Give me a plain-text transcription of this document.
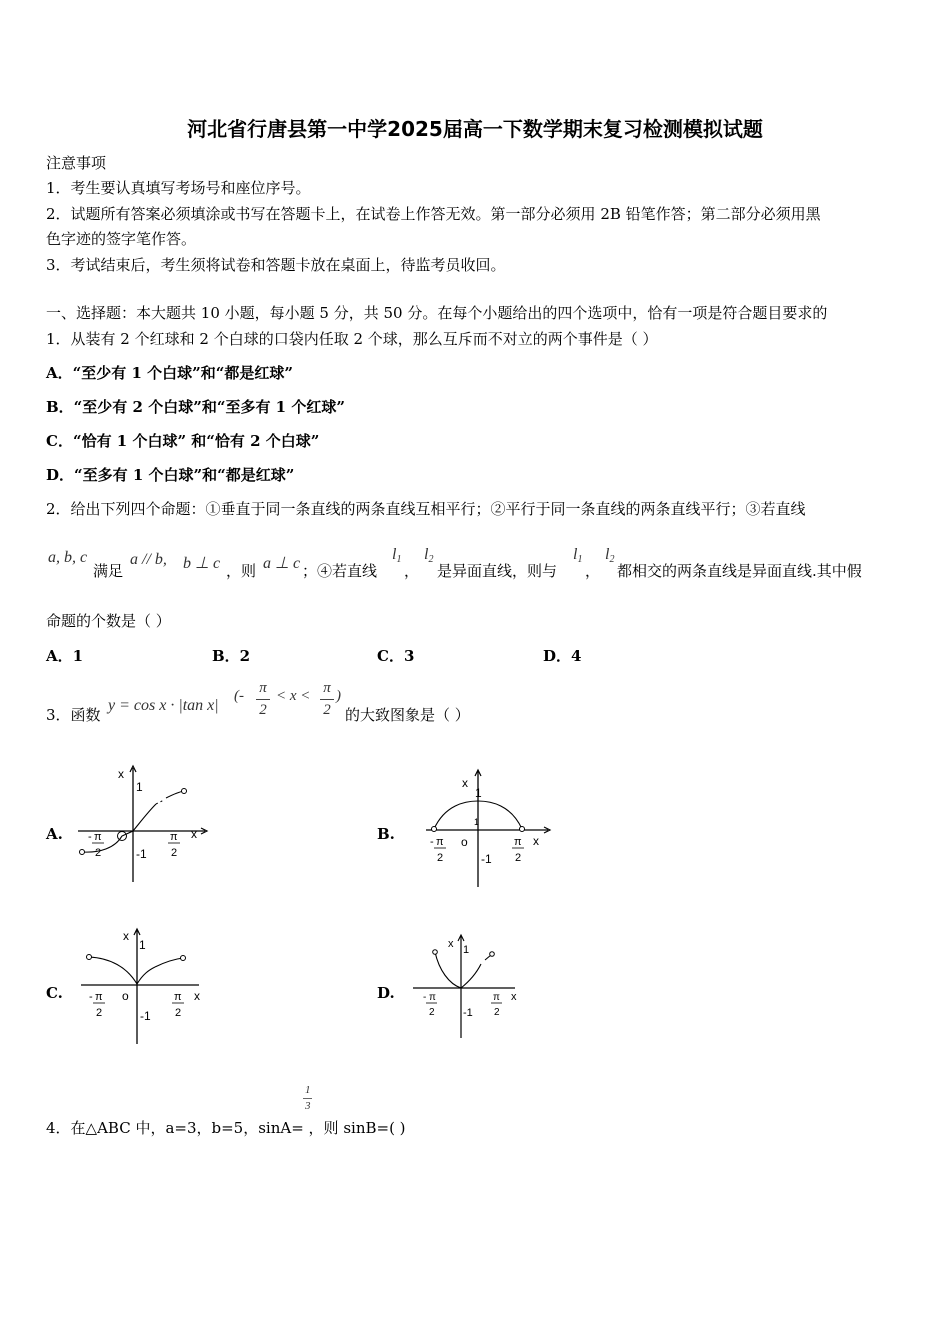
河北省行唐县第一中学2025届高一下数学期末复习检测模拟试题
注意事项
1．考生要认真填写考场号和座位序号。
2．试题所有答案必须填涂或书写在答题卡上，在试卷上作答无效。第一部分必须用 2B 铅笔作答；第二部分必须用黑
色字迹的签字笔作答。
3．考试结束后，考生须将试卷和答题卡放在桌面上，待监考员收回。
一、选择题：本大题共 10 小题，每小题 5 分，共 50 分。在每个小题给出的四个选项中，恰有一项是符合题目要求的
1．从装有 2 个红球和 2 个白球的口袋内任取 2 个球，那么互斥而不对立的两个事件是（ ）
A．“至少有 1 个白球”和“都是红球”
B．“至少有 2 个白球”和“至多有 1 个红球”
C．“恰有 1 个白球” 和“恰有 2 个白球”
D．“至多有 1 个白球”和“都是红球”
2．给出下列四个命题：①垂直于同一条直线的两条直线互相平行；②平行于同一条直线的两条直线平行；③若直线
a, b, c
满足
a // b, b ⊥ c ，则 a ⊥ c ；④若直线
$l_1$
，
$l_2$
是异面直线，则与
$l_1$
，
$l_2$
都相交的两条直线是异面直线.其中假
命题的个数是（ ）
A．1	B．2	C．3	D．4
3．函数
y = cos x · |tan x|
(- π
2
< x < π
2
)
的大致图象是（ ）
A.	B.
C.	D.
x
1
-1
x
- π
2
π
2
x
1
1
-1
o	x
- π
2
π
2
x
1
-1
o	x
- π
2
π
2
x 1
-1
x
- π
2
π
2
1
3
4．在△ABC 中，a=3，b=5，sinA= ，则 sinB=( )
